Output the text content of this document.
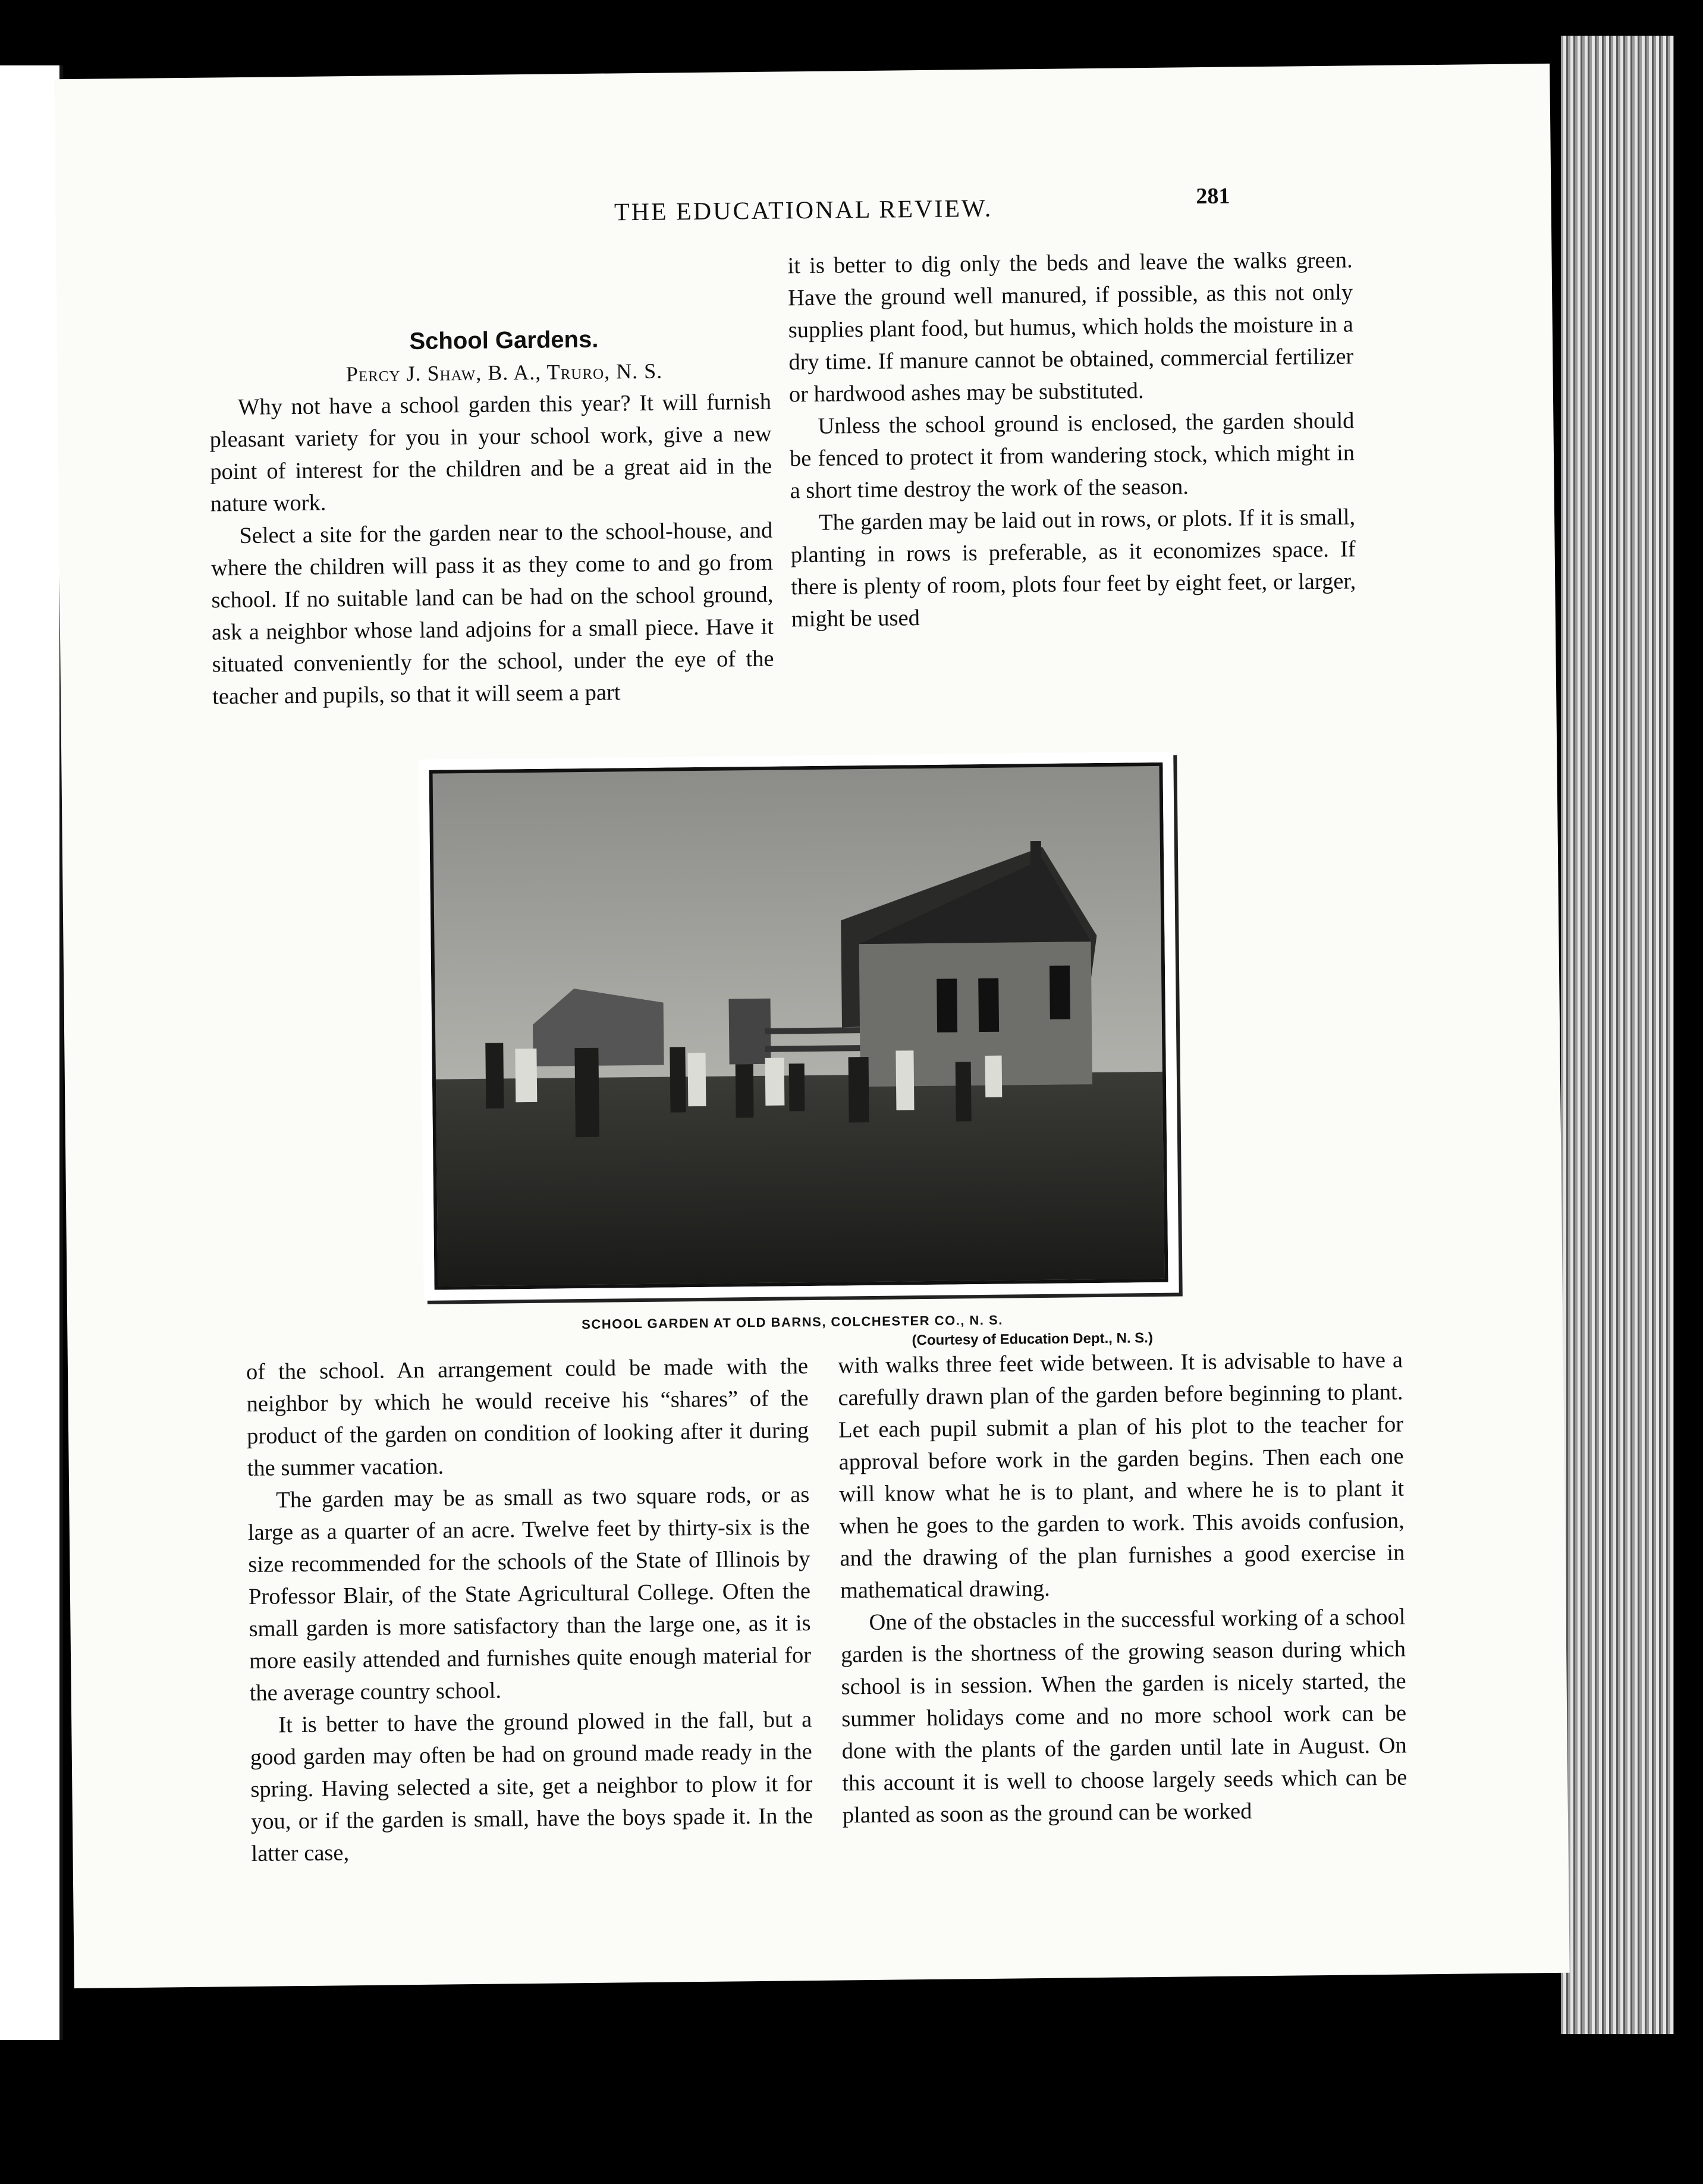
THE EDUCATIONAL REVIEW.	281

School Gardens.

Percy J. Shaw, B. A., Truro, N. S.

Why not have a school garden this year? It will furnish pleasant variety for you in your school work, give a new point of interest for the children and be a great aid in the nature work.

Select a site for the garden near to the school-house, and where the children will pass it as they come to and go from school. If no suitable land can be had on the school ground, ask a neighbor whose land adjoins for a small piece. Have it situated conveniently for the school, under the eye of the teacher and pupils, so that it will seem a part

it is better to dig only the beds and leave the walks green. Have the ground well manured, if possible, as this not only supplies plant food, but humus, which holds the moisture in a dry time. If manure cannot be obtained, commercial fertilizer or hardwood ashes may be substituted.

Unless the school ground is enclosed, the garden should be fenced to protect it from wandering stock, which might in a short time destroy the work of the season.

The garden may be laid out in rows, or plots. If it is small, planting in rows is preferable, as it economizes space. If there is plenty of room, plots four feet by eight feet, or larger, might be used

SCHOOL GARDEN AT OLD BARNS, COLCHESTER CO., N. S.
(Courtesy of Education Dept., N. S.)

of the school. An arrangement could be made with the neighbor by which he would receive his “shares” of the product of the garden on condition of looking after it during the summer vacation.

The garden may be as small as two square rods, or as large as a quarter of an acre. Twelve feet by thirty-six is the size recommended for the schools of the State of Illinois by Professor Blair, of the State Agricultural College. Often the small garden is more satisfactory than the large one, as it is more easily attended and furnishes quite enough material for the average country school.

It is better to have the ground plowed in the fall, but a good garden may often be had on ground made ready in the spring. Having selected a site, get a neighbor to plow it for you, or if the garden is small, have the boys spade it. In the latter case,

with walks three feet wide between. It is advisable to have a carefully drawn plan of the garden before beginning to plant. Let each pupil submit a plan of his plot to the teacher for approval before work in the garden begins. Then each one will know what he is to plant, and where he is to plant it when he goes to the garden to work. This avoids confusion, and the drawing of the plan furnishes a good exercise in mathematical drawing.

One of the obstacles in the successful working of a school garden is the shortness of the growing season during which school is in session. When the garden is nicely started, the summer holidays come and no more school work can be done with the plants of the garden until late in August. On this account it is well to choose largely seeds which can be planted as soon as the ground can be worked
